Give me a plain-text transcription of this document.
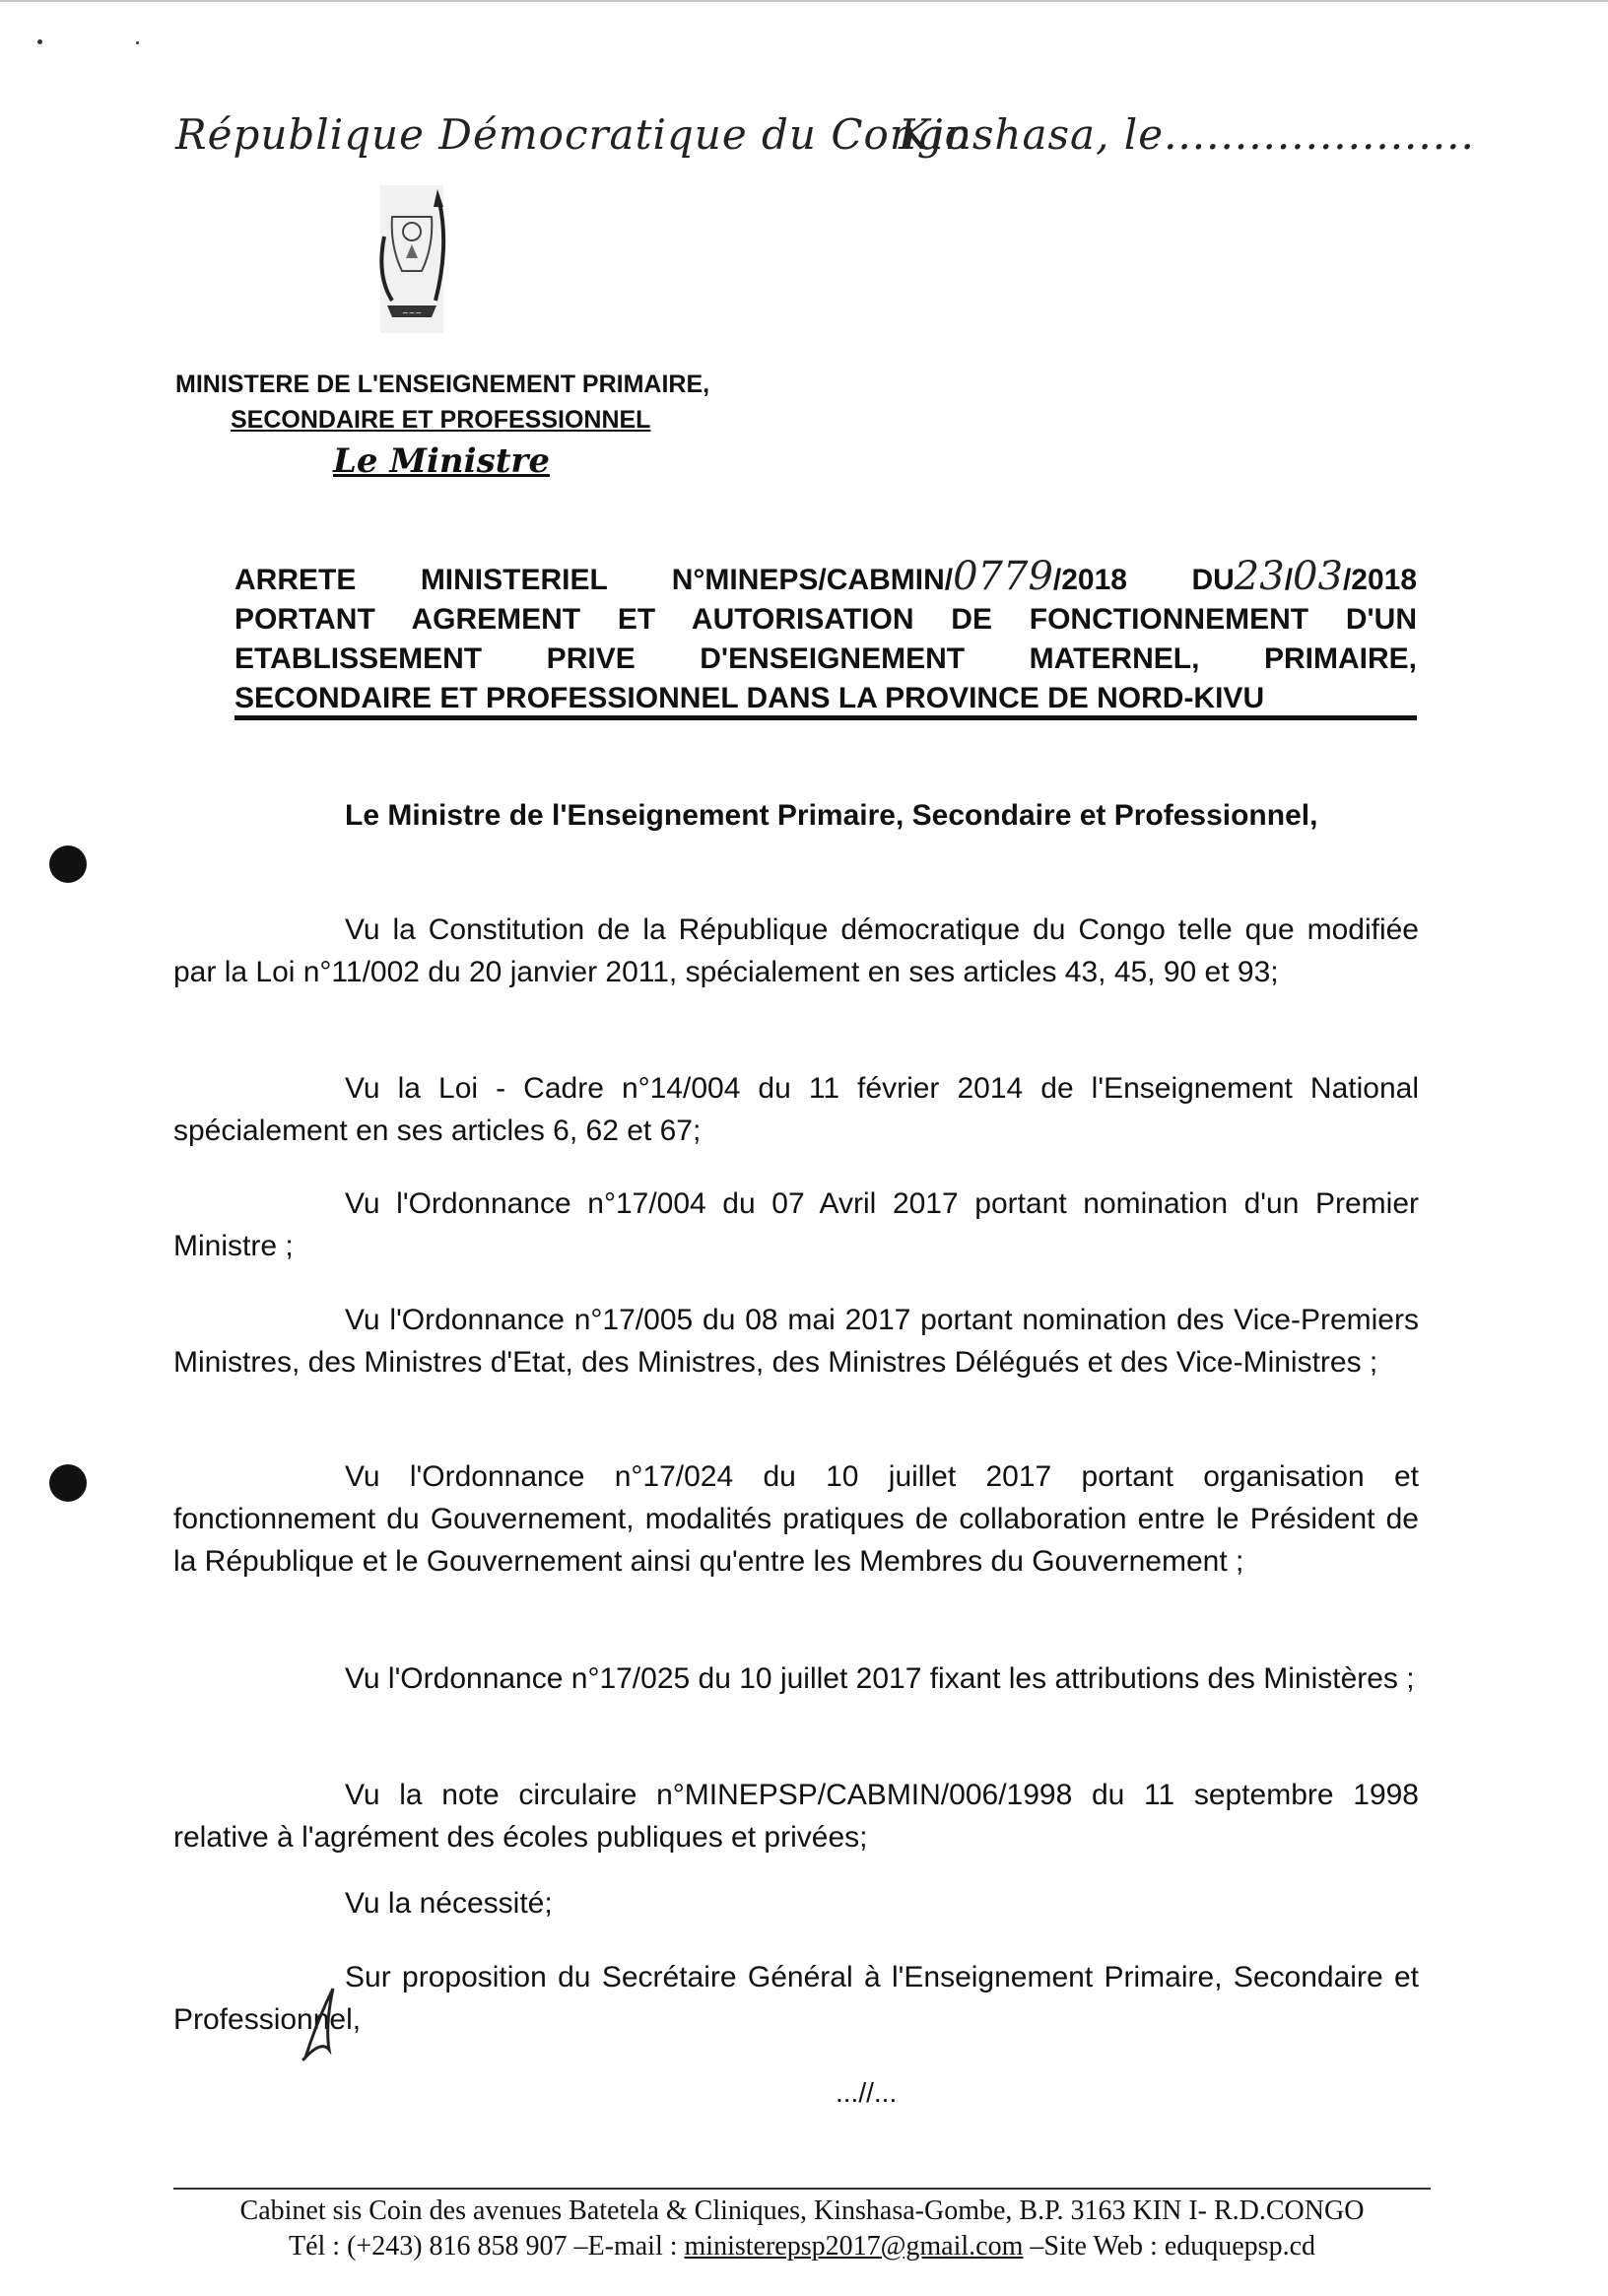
République Démocratique du Congo
Kinshasa, le......................
~~~
MINISTERE DE L'ENSEIGNEMENT PRIMAIRE,
SECONDAIRE ET PROFESSIONNEL
Le Ministre
ARRETE MINISTERIEL N°MINEPS/CABMIN/0779/2018 DU23/03/2018
PORTANT AGREMENT ET AUTORISATION DE FONCTIONNEMENT D'UN
ETABLISSEMENT PRIVE D'ENSEIGNEMENT MATERNEL, PRIMAIRE,
SECONDAIRE ET PROFESSIONNEL DANS LA PROVINCE DE NORD-KIVU
Le Ministre de l'Enseignement Primaire, Secondaire et Professionnel,
Vu la Constitution de la République démocratique du Congo telle que modifiée par la Loi n°11/002 du 20 janvier 2011, spécialement en ses articles 43, 45, 90 et 93;
Vu la Loi - Cadre n°14/004 du 11 février 2014 de l'Enseignement National spécialement en ses articles 6, 62 et 67;
Vu l'Ordonnance n°17/004 du 07 Avril 2017 portant nomination d'un Premier Ministre ;
Vu l'Ordonnance n°17/005 du 08 mai 2017 portant nomination des Vice-Premiers Ministres, des Ministres d'Etat, des Ministres, des Ministres Délégués et des Vice-Ministres ;
Vu l'Ordonnance n°17/024 du 10 juillet 2017 portant organisation et fonctionnement du Gouvernement, modalités pratiques de collaboration entre le Président de la République et le Gouvernement ainsi qu'entre les Membres du Gouvernement ;
Vu l'Ordonnance n°17/025 du 10 juillet 2017 fixant les attributions des Ministères ;
Vu la note circulaire n°MINEPSP/CABMIN/006/1998 du 11 septembre 1998 relative à l'agrément des écoles publiques et privées;
Vu la nécessité;
Sur proposition du Secrétaire Général à l'Enseignement Primaire, Secondaire et Professionnel,
...//...
Cabinet sis Coin des avenues Batetela & Cliniques, Kinshasa-Gombe, B.P. 3163 KIN I- R.D.CONGO
Tél : (+243) 816 858 907 –E-mail : ministerepsp2017@gmail.com –Site Web : eduquepsp.cd
